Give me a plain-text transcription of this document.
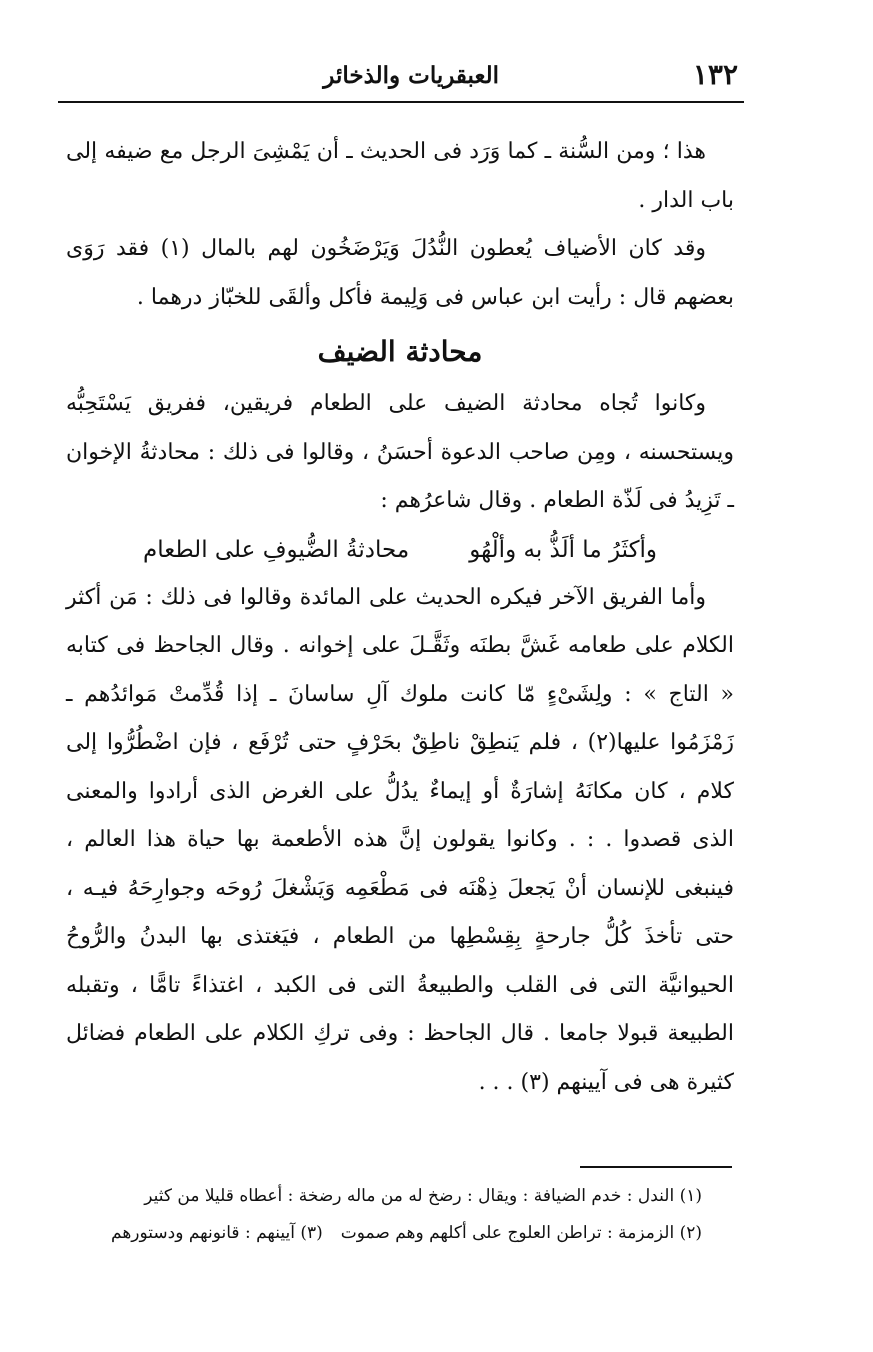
١٣٢
العبقريات والذخائر

هذا ؛ ومن السُّنة ـ كما وَرَد فى الحديث ـ أن يَمْشِىَ الرجل مع ضيفه إلى باب الدار .

وقد كان الأضياف يُعطون النُّدُلَ وَيَرْضَخُون لهم بالمال (١) فقد رَوَى بعضهم قال : رأيت ابن عباس فى وَلِيمة فأكل وألقَى للخبّاز درهما .

محادثة الضيف

وكانوا تُجاه محادثة الضيف على الطعام فريقين، ففريق يَسْتَحِبُّه ويستحسنه ، ومِن صاحب الدعوة أحسَنُ ، وقالوا فى ذلك : محادثةُ الإخوان ـ تَزِيدُ فى لَذّة الطعام . وقال شاعرُهم :

وأكثَرُ ما ألَذُّ به وألْهُو
محادثةُ الضُّيوفِ على الطعام

وأما الفريق الآخر فيكره الحديث على المائدة وقالوا فى ذلك : مَن أكثر الكلام على طعامه غَشَّ بطنَه وثَقَّـلَ على إخوانه . وقال الجاحظ فى كتابه « التاج » : ولِشَىْءٍ مّا كانت ملوك آلِ ساسانَ ـ إذا قُدِّمتْ مَوائدُهم ـ زَمْزَمُوا عليها(٢) ، فلم يَنطِقْ ناطِقٌ بحَرْفٍ حتى تُرْفَع ، فإن اضْطُرُّوا إلى كلام ، كان مكانَهُ إشارَةٌ أو إيماءٌ يدُلُّ على الغرض الذى أرادوا والمعنى الذى قصدوا . : . وكانوا يقولون إنَّ هذه الأطعمة بها حياة هذا العالم ، فينبغى للإنسان أنْ يَجعلَ ذِهْنَه فى مَطْعَمِه وَيَشْغلَ رُوحَه وجوارِحَهُ فيـه ، حتى تأخذَ كُلُّ جارحةٍ بِقِسْطِها من الطعام ، فيَغتذى بها البدنُ والرُّوحُ الحيوانيَّة التى فى القلب والطبيعةُ التى فى الكبد ، اغتذاءً تامًّا ، وتقبله الطبيعة قبولا جامعا . قال الجاحظ : وفى تركِ الكلام على الطعام فضائل كثيرة هى فى آيينهم (٣) . . .

(١) الندل : خدم الضيافة : ويقال : رضخ له من ماله رضخة : أعطاه قليلا من كثير
(٢) الزمزمة : تراطن العلوج على أكلهم وهم صموت(٣) آيينهم : قانونهم ودستورهم
